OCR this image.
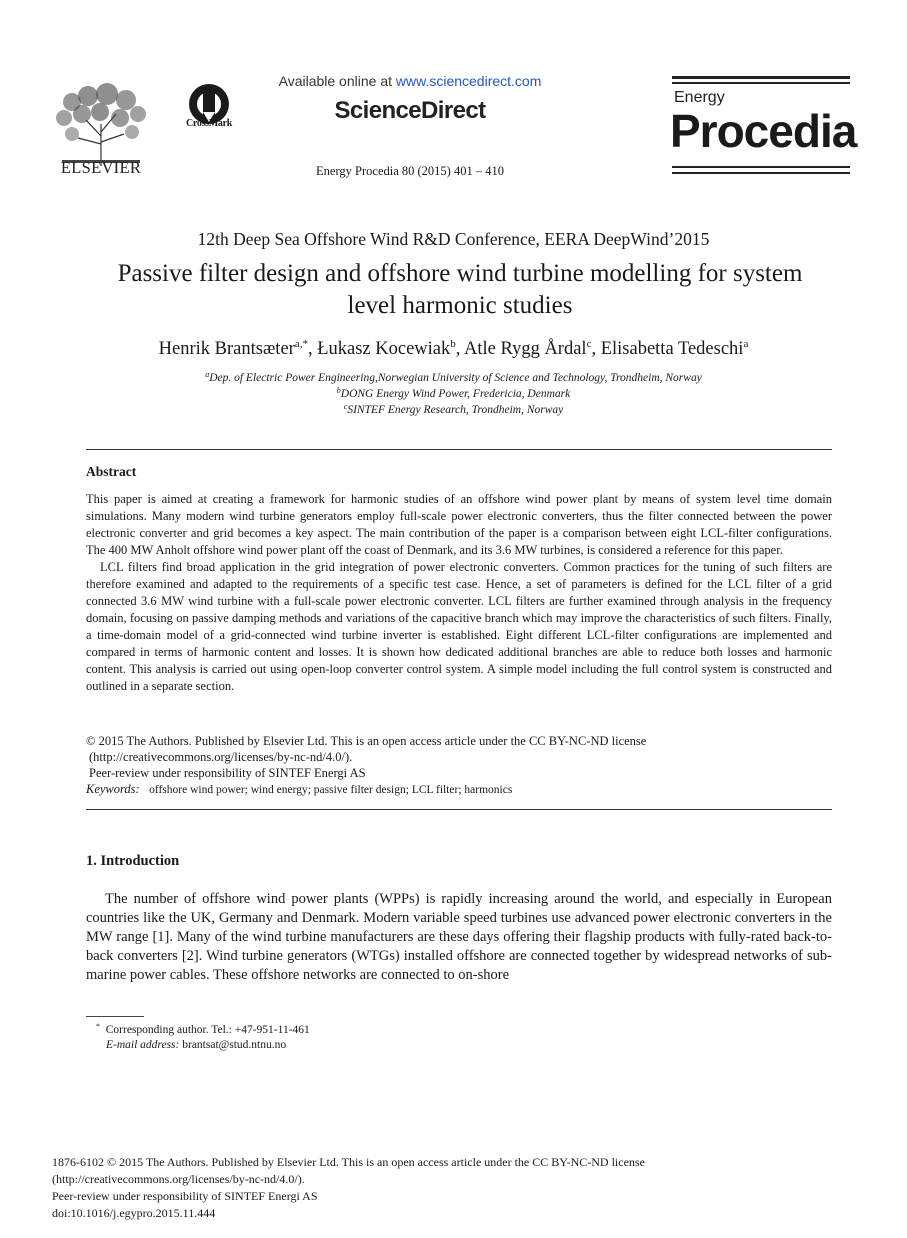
ELSEVIER
CrossMark
Available online at www.sciencedirect.com
ScienceDirect
Energy Procedia 80 (2015) 401 – 410
Energy
Procedia
12th Deep Sea Offshore Wind R&D Conference, EERA DeepWind’2015
Passive filter design and offshore wind turbine modelling for system
level harmonic studies
Henrik Brantsæter$^{a,*}$, Łukasz Kocewiak$^b$, Atle Rygg Årdal$^c$, Elisabetta Tedeschi$^a$
$^a$Dep. of Electric Power Engineering,Norwegian University of Science and Technology, Trondheim, Norway
$^b$DONG Energy Wind Power, Fredericia, Denmark
$^c$SINTEF Energy Research, Trondheim, Norway
Abstract

This paper is aimed at creating a framework for harmonic studies of an offshore wind power plant by means of system level time domain simulations. Many modern wind turbine generators employ full-scale power electronic converters, thus the filter connected between the power electronic converter and grid becomes a key aspect. The main contribution of the paper is a comparison between eight LCL-filter configurations. The 400 MW Anholt offshore wind power plant off the coast of Denmark, and its 3.6 MW turbines, is considered a reference for this paper.

LCL filters find broad application in the grid integration of power electronic converters. Common practices for the tuning of such filters are therefore examined and adapted to the requirements of a specific test case. Hence, a set of parameters is defined for the LCL filter of a grid connected 3.6 MW wind turbine with a full-scale power electronic converter. LCL filters are further examined through analysis in the frequency domain, focusing on passive damping methods and variations of the capacitive branch which may improve the characteristics of such filters. Finally, a time-domain model of a grid-connected wind turbine inverter is established. Eight different LCL-filter configurations are implemented and compared in terms of harmonic content and losses. It is shown how dedicated additional branches are able to reduce both losses and harmonic content. This analysis is carried out using open-loop converter control system. A simple model including the full control system is constructed and outlined in a separate section.

© 2015 The Authors. Published by Elsevier Ltd. This is an open access article under the CC BY-NC-ND license
(http://creativecommons.org/licenses/by-nc-nd/4.0/).
Peer-review under responsibility of SINTEF Energi AS
Keywords: offshore wind power; wind energy; passive filter design; LCL filter; harmonics
1. Introduction

The number of offshore wind power plants (WPPs) is rapidly increasing around the world, and especially in European countries like the UK, Germany and Denmark. Modern variable speed turbines use advanced power electronic converters in the MW range [1]. Many of the wind turbine manufacturers are these days offering their flagship products with fully-rated back-to-back converters [2]. Wind turbine generators (WTGs) installed offshore are connected together by widespread networks of sub-marine power cables. These offshore networks are connected to on-shore

* Corresponding author. Tel.: +47-951-11-461
E-mail address: brantsat@stud.ntnu.no
1876-6102 © 2015 The Authors. Published by Elsevier Ltd. This is an open access article under the CC BY-NC-ND license
(http://creativecommons.org/licenses/by-nc-nd/4.0/).
Peer-review under responsibility of SINTEF Energi AS
doi:10.1016/j.egypro.2015.11.444
